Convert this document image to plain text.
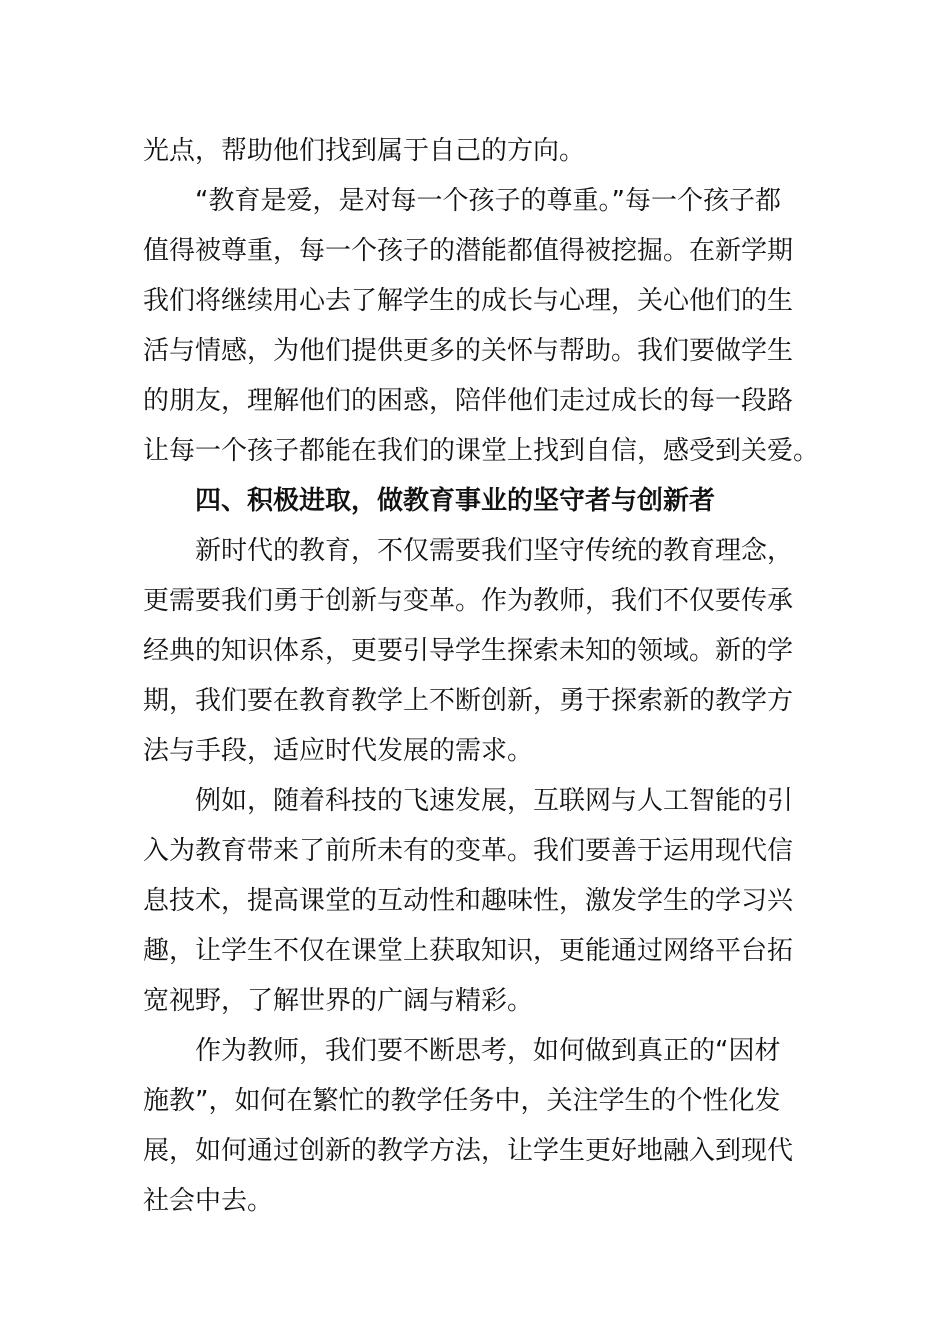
光点，帮助他们找到属于自己的方向。
“教育是爱，是对每一个孩子的尊重。”每一个孩子都
值得被尊重，每一个孩子的潜能都值得被挖掘。在新学期
我们将继续用心去了解学生的成长与心理，关心他们的生
活与情感，为他们提供更多的关怀与帮助。我们要做学生
的朋友，理解他们的困惑，陪伴他们走过成长的每一段路
让每一个孩子都能在我们的课堂上找到自信，感受到关爱。
四、积极进取，做教育事业的坚守者与创新者
新时代的教育，不仅需要我们坚守传统的教育理念，
更需要我们勇于创新与变革。作为教师，我们不仅要传承
经典的知识体系，更要引导学生探索未知的领域。新的学
期，我们要在教育教学上不断创新，勇于探索新的教学方
法与手段，适应时代发展的需求。
例如，随着科技的飞速发展，互联网与人工智能的引
入为教育带来了前所未有的变革。我们要善于运用现代信
息技术，提高课堂的互动性和趣味性，激发学生的学习兴
趣，让学生不仅在课堂上获取知识，更能通过网络平台拓
宽视野，了解世界的广阔与精彩。
作为教师，我们要不断思考，如何做到真正的“因材
施教”，如何在繁忙的教学任务中，关注学生的个性化发
展，如何通过创新的教学方法，让学生更好地融入到现代
社会中去。
